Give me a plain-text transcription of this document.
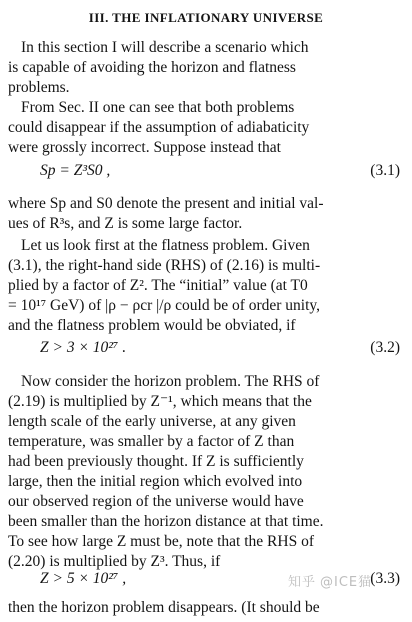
III. THE INFLATIONARY UNIVERSE
In this section I will describe a scenario which
is capable of avoiding the horizon and flatness
problems.
From Sec. II one can see that both problems
could disappear if the assumption of adiabaticity
were grossly incorrect. Suppose instead that
Sp = Z³S0 ,	(3.1)
where Sp and S0 denote the present and initial val-
ues of R³s, and Z is some large factor.
Let us look first at the flatness problem. Given
(3.1), the right-hand side (RHS) of (2.16) is multi-
plied by a factor of Z². The “initial” value (at T0
= 10¹⁷ GeV) of |ρ − ρcr |/ρ could be of order unity,
and the flatness problem would be obviated, if
Z > 3 × 10²⁷ .	(3.2)
Now consider the horizon problem. The RHS of
(2.19) is multiplied by Z⁻¹, which means that the
length scale of the early universe, at any given
temperature, was smaller by a factor of Z than
had been previously thought. If Z is sufficiently
large, then the initial region which evolved into
our observed region of the universe would have
been smaller than the horizon distance at that time.
To see how large Z must be, note that the RHS of
(2.20) is multiplied by Z³. Thus, if
Z > 5 × 10²⁷ ,	(3.3)
then the horizon problem disappears. (It should be
知乎 @ICE猫
